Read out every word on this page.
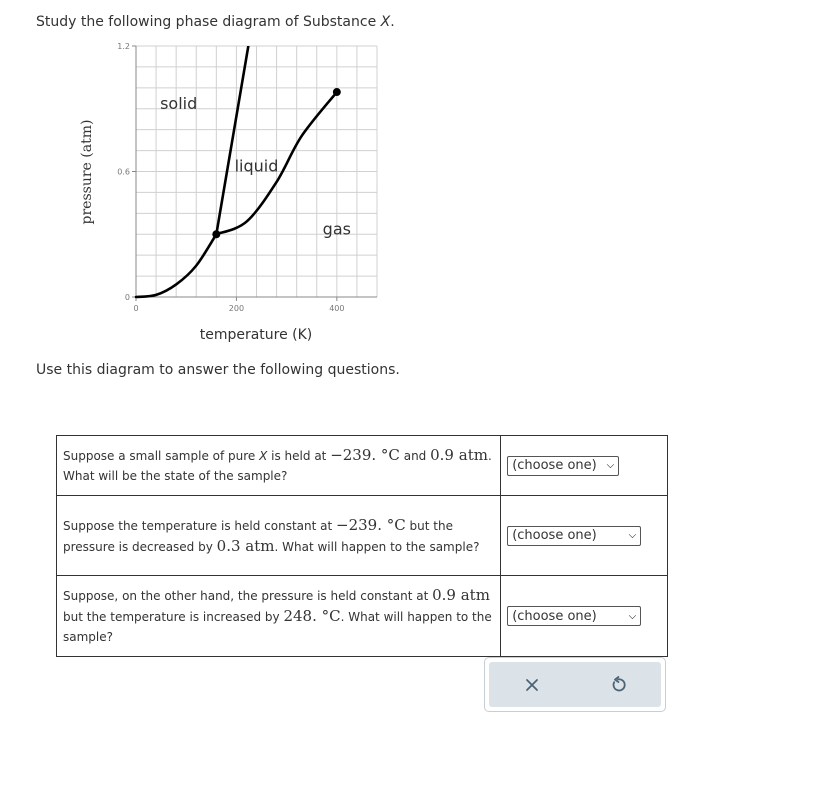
Study the following phase diagram of Substance X.
0	200	400
0
0.6
1.2
solid
liquid
gas
temperature (K)
pressure (atm)
Use this diagram to answer the following questions.
Suppose a small sample of pure X is held at −239. °C and 0.9 atm.
What will be the state of the sample?	(choose one) ⌵

Suppose the temperature is held constant at −239. °C but the
pressure is decreased by 0.3 atm. What will happen to the sample?	(choose one) ⌵

Suppose, on the other hand, the pressure is held constant at 0.9 atm
but the temperature is increased by 248. °C. What will happen to the
sample?	(choose one) ⌵
